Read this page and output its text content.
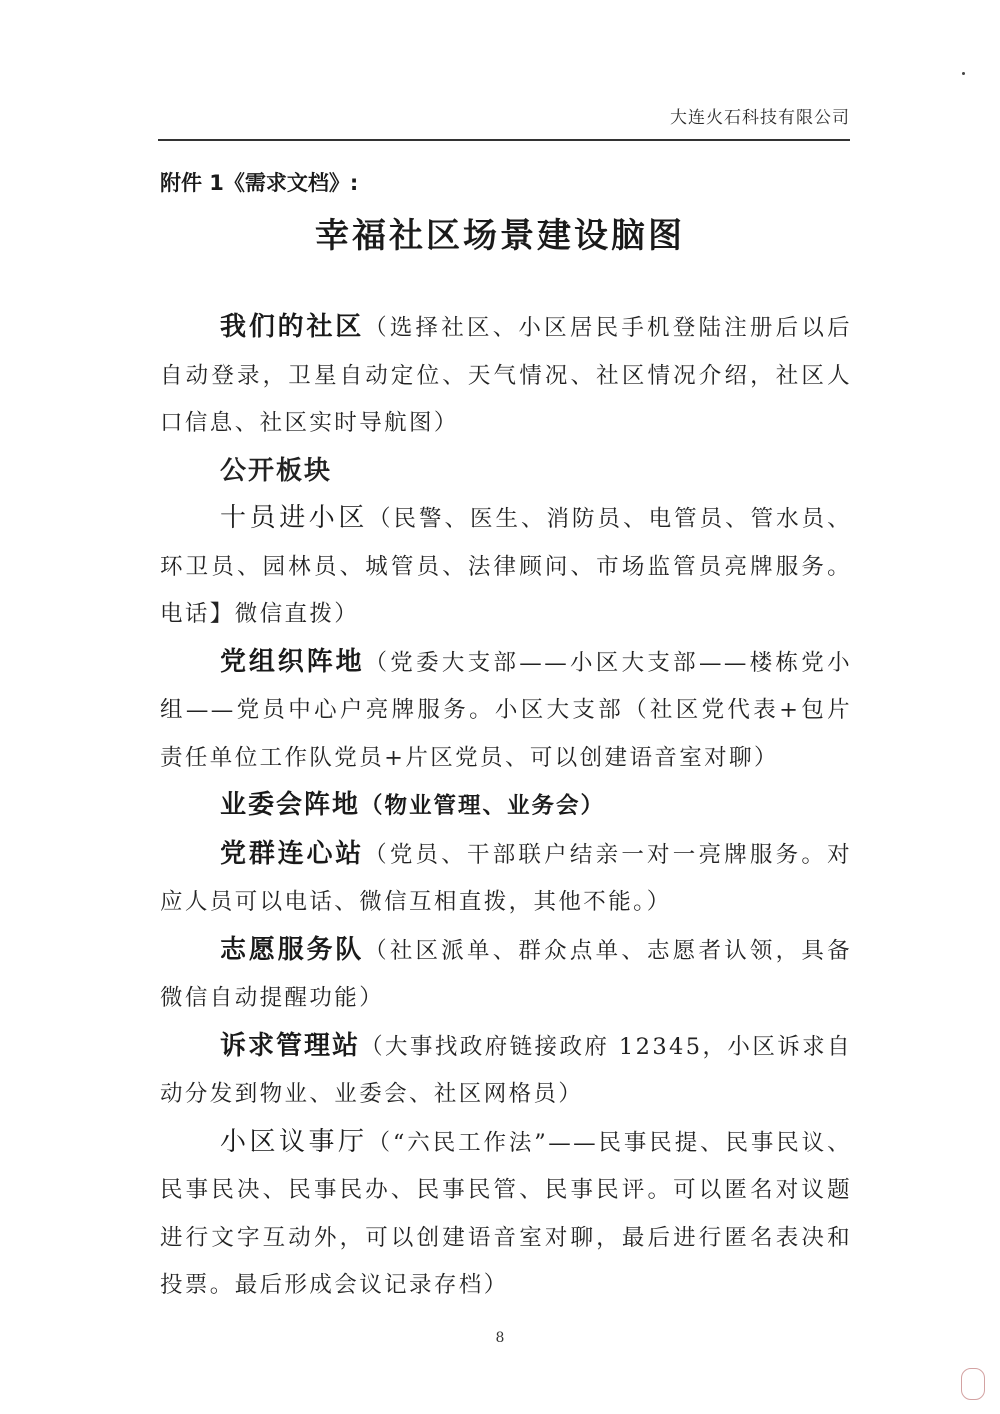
大连火石科技有限公司
附件 1《需求文档》:
幸福社区场景建设脑图

我们的社区（选择社区、小区居民手机登陆注册后以后自动登录，卫星自动定位、天气情况、社区情况介绍，社区人口信息、社区实时导航图）

公开板块

十员进小区（民警、医生、消防员、电管员、管水员、环卫员、园林员、城管员、法律顾问、市场监管员亮牌服务。电话】微信直拨）

党组织阵地（党委大支部——小区大支部——楼栋党小组——党员中心户亮牌服务。小区大支部（社区党代表+包片责任单位工作队党员+片区党员、可以创建语音室对聊）

业委会阵地（物业管理、业务会）

党群连心站（党员、干部联户结亲一对一亮牌服务。对应人员可以电话、微信互相直拨，其他不能。）

志愿服务队（社区派单、群众点单、志愿者认领，具备微信自动提醒功能）

诉求管理站（大事找政府链接政府 12345，小区诉求自动分发到物业、业委会、社区网格员）

小区议事厅（“六民工作法”——民事民提、民事民议、民事民决、民事民办、民事民管、民事民评。可以匿名对议题进行文字互动外，可以创建语音室对聊，最后进行匿名表决和投票。最后形成会议记录存档）

8
